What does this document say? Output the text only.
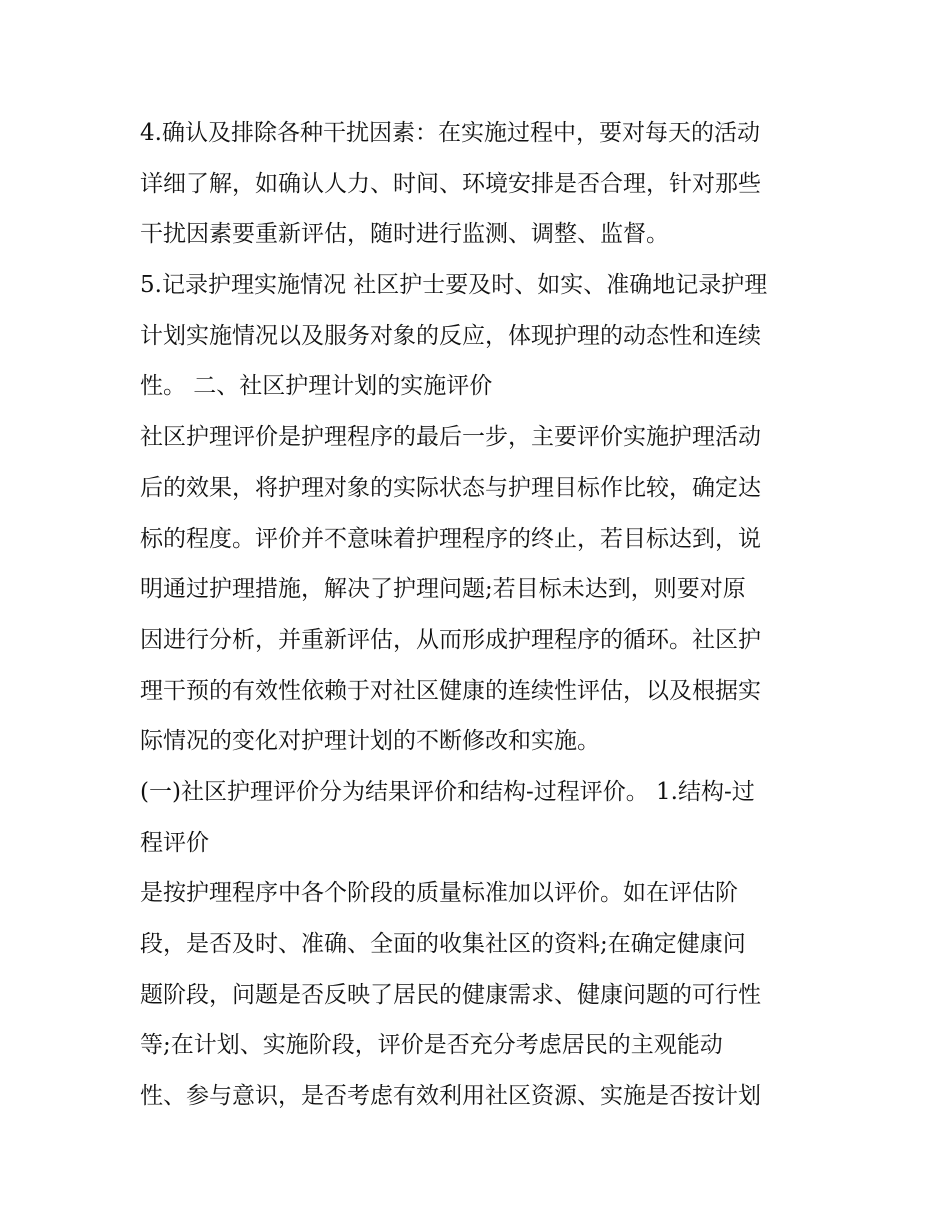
4.确认及排除各种干扰因素：在实施过程中，要对每天的活动
详细了解，如确认人力、时间、环境安排是否合理，针对那些
干扰因素要重新评估，随时进行监测、调整、监督。
5.记录护理实施情况 社区护士要及时、如实、准确地记录护理
计划实施情况以及服务对象的反应，体现护理的动态性和连续
性。 二、社区护理计划的实施评价
社区护理评价是护理程序的最后一步，主要评价实施护理活动
后的效果，将护理对象的实际状态与护理目标作比较，确定达
标的程度。评价并不意味着护理程序的终止，若目标达到，说
明通过护理措施，解决了护理问题;若目标未达到，则要对原
因进行分析，并重新评估，从而形成护理程序的循环。社区护
理干预的有效性依赖于对社区健康的连续性评估，以及根据实
际情况的变化对护理计划的不断修改和实施。
(一)社区护理评价分为结果评价和结构-过程评价。 1.结构-过
程评价
是按护理程序中各个阶段的质量标准加以评价。如在评估阶
段，是否及时、准确、全面的收集社区的资料;在确定健康问
题阶段，问题是否反映了居民的健康需求、健康问题的可行性
等;在计划、实施阶段，评价是否充分考虑居民的主观能动
性、参与意识，是否考虑有效利用社区资源、实施是否按计划
